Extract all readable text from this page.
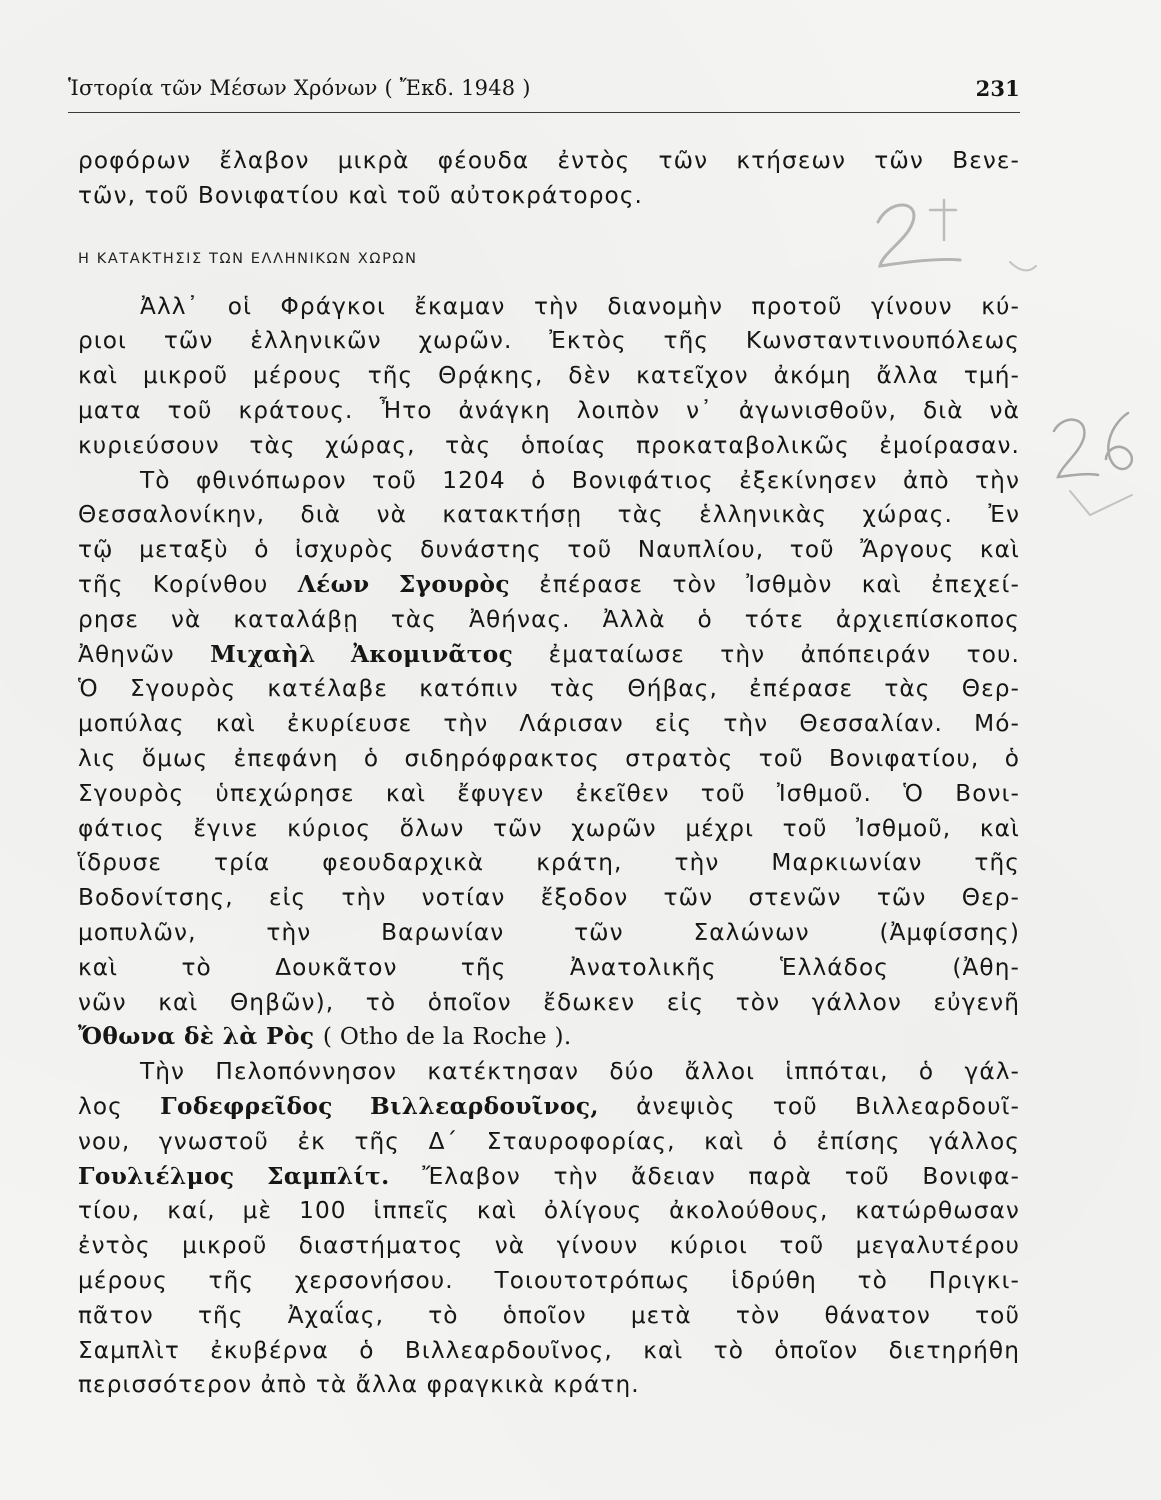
Ἱστορία τῶν Μέσων Χρόνων ( Ἔκδ. 1948 )	231
ροφόρων ἔλαβον μικρὰ φέουδα ἐντὸς τῶν κτήσεων τῶν Βενε-
τῶν, τοῦ Βονιφατίου καὶ τοῦ αὐτοκράτορος.
Η ΚΑΤΑΚΤΗΣΙΣ ΤΩΝ ΕΛΛΗΝΙΚΩΝ ΧΩΡΩΝ
Ἀλλ᾿ οἱ Φράγκοι ἔκαμαν τὴν διανομὴν προτοῦ γίνουν κύ-
ριοι τῶν ἑλληνικῶν χωρῶν. Ἐκτὸς τῆς Κωνσταντινουπόλεως
καὶ μικροῦ μέρους τῆς Θρᾴκης, δὲν κατεῖχον ἀκόμη ἄλλα τμή-
ματα τοῦ κράτους. Ἦτο ἀνάγκη λοιπὸν ν᾿ ἀγωνισθοῦν, διὰ νὰ
κυριεύσουν τὰς χώρας, τὰς ὁποίας προκαταβολικῶς ἐμοίρασαν.
Τὸ φθινόπωρον τοῦ 1204 ὁ Βονιφάτιος ἐξεκίνησεν ἀπὸ τὴν
Θεσσαλονίκην, διὰ νὰ κατακτήσῃ τὰς ἑλληνικὰς χώρας. Ἐν
τῷ μεταξὺ ὁ ἰσχυρὸς δυνάστης τοῦ Ναυπλίου, τοῦ Ἄργους καὶ
τῆς Κορίνθου Λέων Σγουρὸς ἐπέρασε τὸν Ἰσθμὸν καὶ ἐπεχεί-
ρησε νὰ καταλάβῃ τὰς Ἀθήνας. Ἀλλὰ ὁ τότε ἀρχιεπίσκοπος
Ἀθηνῶν Μιχαὴλ Ἀκομινᾶτος ἐματαίωσε τὴν ἀπόπειράν του.
Ὁ Σγουρὸς κατέλαβε κατόπιν τὰς Θήβας, ἐπέρασε τὰς Θερ-
μοπύλας καὶ ἐκυρίευσε τὴν Λάρισαν εἰς τὴν Θεσσαλίαν. Μό-
λις ὅμως ἐπεφάνη ὁ σιδηρόφρακτος στρατὸς τοῦ Βονιφατίου, ὁ
Σγουρὸς ὑπεχώρησε καὶ ἔφυγεν ἐκεῖθεν τοῦ Ἰσθμοῦ. Ὁ Βονι-
φάτιος ἔγινε κύριος ὅλων τῶν χωρῶν μέχρι τοῦ Ἰσθμοῦ, καὶ
ἵδρυσε τρία φεουδαρχικὰ κράτη, τὴν Μαρκιωνίαν τῆς
Βοδονίτσης, εἰς τὴν νοτίαν ἔξοδον τῶν στενῶν τῶν Θερ-
μοπυλῶν, τὴν Βαρωνίαν τῶν Σαλώνων (Ἀμφίσσης)
καὶ τὸ Δουκᾶτον τῆς Ἀνατολικῆς Ἑλλάδος (Ἀθη-
νῶν καὶ Θηβῶν), τὸ ὁποῖον ἔδωκεν εἰς τὸν γάλλον εὐγενῆ
Ὄθωνα δὲ λὰ Ρὸς ( Otho de la Roche ).
Τὴν Πελοπόννησον κατέκτησαν δύο ἄλλοι ἱππόται, ὁ γάλ-
λος Γοδεφρεῖδος Βιλλεαρδουῖνος, ἀνεψιὸς τοῦ Βιλλεαρδουῖ-
νου, γνωστοῦ ἐκ τῆς Δ΄ Σταυροφορίας, καὶ ὁ ἐπίσης γάλλος
Γουλιέλμος Σαμπλίτ. Ἔλαβον τὴν ἄδειαν παρὰ τοῦ Βονιφα-
τίου, καί, μὲ 100 ἱππεῖς καὶ ὀλίγους ἀκολούθους, κατώρθωσαν
ἐντὸς μικροῦ διαστήματος νὰ γίνουν κύριοι τοῦ μεγαλυτέρου
μέρους τῆς χερσονήσου. Τοιουτοτρόπως ἱδρύθη τὸ Πριγκι-
πᾶτον τῆς Ἀχαΐας, τὸ ὁποῖον μετὰ τὸν θάνατον τοῦ
Σαμπλὶτ ἐκυβέρνα ὁ Βιλλεαρδουῖνος, καὶ τὸ ὁποῖον διετηρήθη
περισσότερον ἀπὸ τὰ ἄλλα φραγκικὰ κράτη.
